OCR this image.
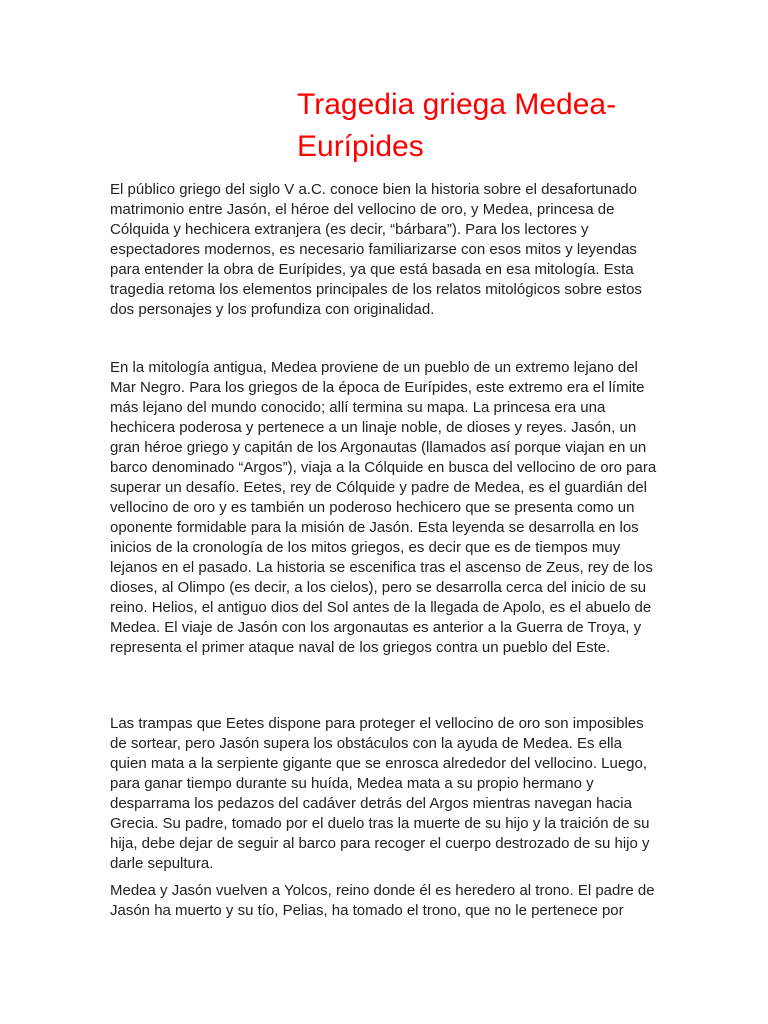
Tragedia griega Medea- Eurípides

El público griego del siglo V a.C. conoce bien la historia sobre el desafortunado matrimonio entre Jasón, el héroe del vellocino de oro, y Medea, princesa de Cólquida y hechicera extranjera (es decir, “bárbara”). Para los lectores y espectadores modernos, es necesario familiarizarse con esos mitos y leyendas para entender la obra de Eurípides, ya que está basada en esa mitología. Esta tragedia retoma los elementos principales de los relatos mitológicos sobre estos dos personajes y los profundiza con originalidad.

En la mitología antigua, Medea proviene de un pueblo de un extremo lejano del Mar Negro. Para los griegos de la época de Eurípides, este extremo era el límite más lejano del mundo conocido; allí termina su mapa. La princesa era una hechicera poderosa y pertenece a un linaje noble, de dioses y reyes. Jasón, un gran héroe griego y capitán de los Argonautas (llamados así porque viajan en un barco denominado “Argos”), viaja a la Cólquide en busca del vellocino de oro para superar un desafío. Eetes, rey de Cólquide y padre de Medea, es el guardián del vellocino de oro y es también un poderoso hechicero que se presenta como un oponente formidable para la misión de Jasón. Esta leyenda se desarrolla en los inicios de la cronología de los mitos griegos, es decir que es de tiempos muy lejanos en el pasado. La historia se escenifica tras el ascenso de Zeus, rey de los dioses, al Olimpo (es decir, a los cielos), pero se desarrolla cerca del inicio de su reino. Helios, el antiguo dios del Sol antes de la llegada de Apolo, es el abuelo de Medea. El viaje de Jasón con los argonautas es anterior a la Guerra de Troya, y representa el primer ataque naval de los griegos contra un pueblo del Este.

Las trampas que Eetes dispone para proteger el vellocino de oro son imposibles de sortear, pero Jasón supera los obstáculos con la ayuda de Medea. Es ella quien mata a la serpiente gigante que se enrosca alrededor del vellocino. Luego, para ganar tiempo durante su huída, Medea mata a su propio hermano y desparrama los pedazos del cadáver detrás del Argos mientras navegan hacia Grecia. Su padre, tomado por el duelo tras la muerte de su hijo y la traición de su hija, debe dejar de seguir al barco para recoger el cuerpo destrozado de su hijo y darle sepultura.

Medea y Jasón vuelven a Yolcos, reino donde él es heredero al trono. El padre de Jasón ha muerto y su tío, Pelias, ha tomado el trono, que no le pertenece por
